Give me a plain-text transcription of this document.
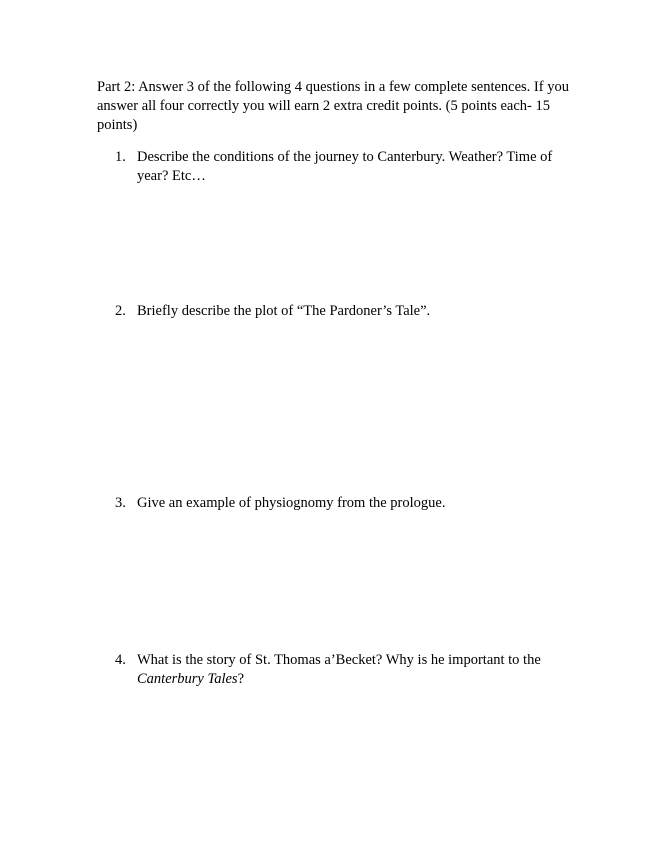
Part 2: Answer 3 of the following 4 questions in a few complete sentences. If you answer all four correctly you will earn 2 extra credit points. (5 points each- 15 points)

1. Describe the conditions of the journey to Canterbury. Weather? Time of year? Etc…
2. Briefly describe the plot of “The Pardoner’s Tale”.
3. Give an example of physiognomy from the prologue.
4. What is the story of St. Thomas a’Becket? Why is he important to the Canterbury Tales?
